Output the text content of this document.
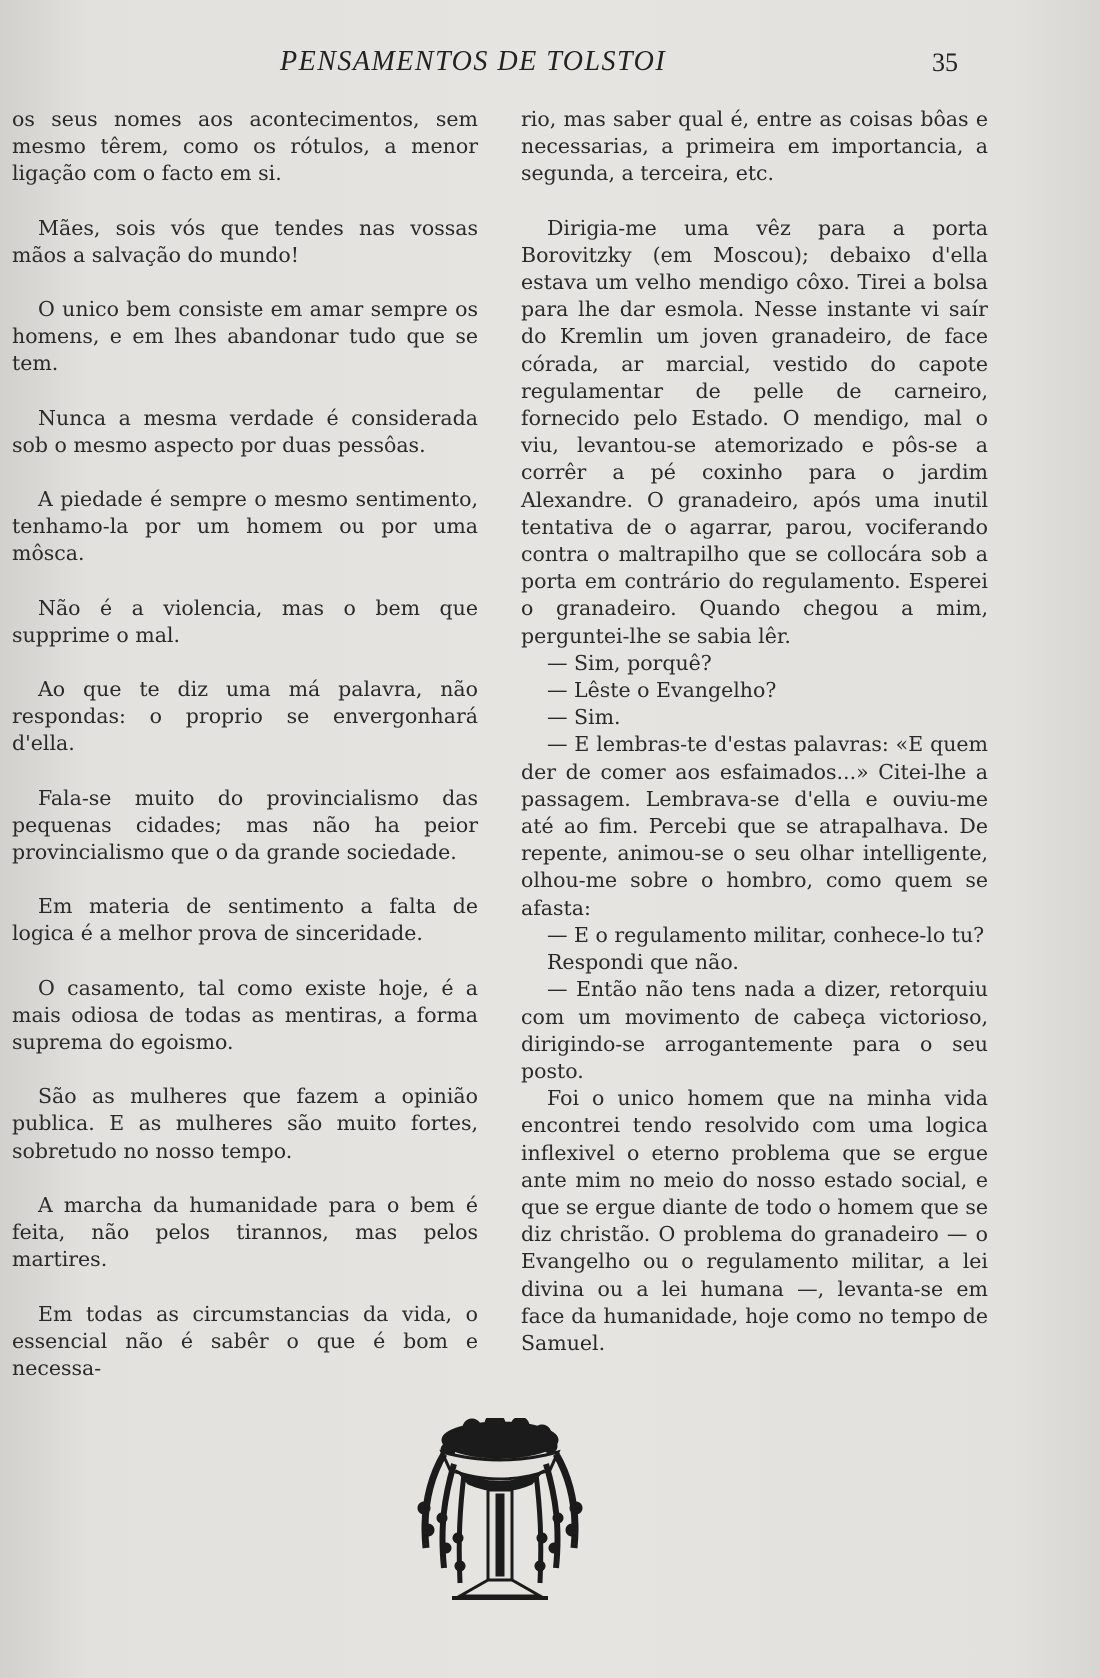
PENSAMENTOS DE TOLSTOI	35

os seus nomes aos acontecimentos, sem mesmo têrem, como os rótulos, a menor ligação com o facto em si.

Mães, sois vós que tendes nas vossas mãos a salvação do mundo!

O unico bem consiste em amar sempre os homens, e em lhes abandonar tudo que se tem.

Nunca a mesma verdade é considerada sob o mesmo aspecto por duas pessôas.

A piedade é sempre o mesmo sentimento, tenhamo-la por um homem ou por uma môsca.

Não é a violencia, mas o bem que supprime o mal.

Ao que te diz uma má palavra, não respondas: o proprio se envergonhará d'ella.

Fala-se muito do provincialismo das pequenas cidades; mas não ha peior provincialismo que o da grande sociedade.

Em materia de sentimento a falta de logica é a melhor prova de sinceridade.

O casamento, tal como existe hoje, é a mais odiosa de todas as mentiras, a forma suprema do egoismo.

São as mulheres que fazem a opinião publica. E as mulheres são muito fortes, sobretudo no nosso tempo.

A marcha da humanidade para o bem é feita, não pelos tirannos, mas pelos martires.

Em todas as circumstancias da vida, o essencial não é sabêr o que é bom e necessa-

rio, mas saber qual é, entre as coisas bôas e necessarias, a primeira em importancia, a segunda, a terceira, etc.

Dirigia-me uma vêz para a porta Borovitzky (em Moscou); debaixo d'ella estava um velho mendigo côxo. Tirei a bolsa para lhe dar esmola. Nesse instante vi saír do Kremlin um joven granadeiro, de face córada, ar marcial, vestido do capote regulamentar de pelle de carneiro, fornecido pelo Estado. O mendigo, mal o viu, levantou-se atemorizado e pôs-se a corrêr a pé coxinho para o jardim Alexandre. O granadeiro, após uma inutil tentativa de o agarrar, parou, vociferando contra o maltrapilho que se collocára sob a porta em contrário do regulamento. Esperei o granadeiro. Quando chegou a mim, perguntei-lhe se sabia lêr.

— Sim, porquê?

— Lêste o Evangelho?

— Sim.

— E lembras-te d'estas palavras: «E quem der de comer aos esfaimados...» Citei-lhe a passagem. Lembrava-se d'ella e ouviu-me até ao fim. Percebi que se atrapalhava. De repente, animou-se o seu olhar intelligente, olhou-me sobre o hombro, como quem se afasta:

— E o regulamento militar, conhece-lo tu?

Respondi que não.

— Então não tens nada a dizer, retorquiu com um movimento de cabeça victorioso, dirigindo-se arrogantemente para o seu posto.

Foi o unico homem que na minha vida encontrei tendo resolvido com uma logica inflexivel o eterno problema que se ergue ante mim no meio do nosso estado social, e que se ergue diante de todo o homem que se diz christão. O problema do granadeiro — o Evangelho ou o regulamento militar, a lei divina ou a lei humana —, levanta-se em face da humanidade, hoje como no tempo de Samuel.
